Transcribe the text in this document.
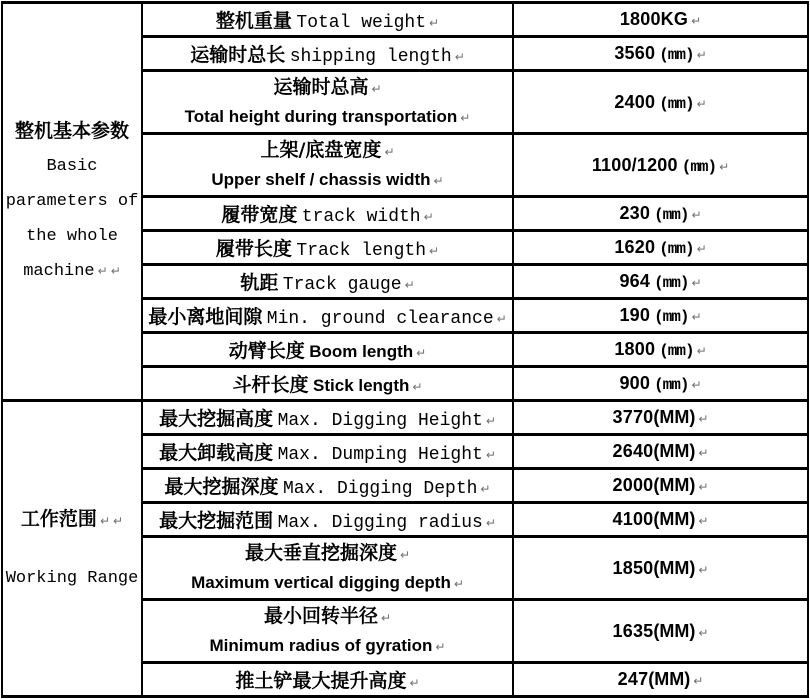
整机基本参数
Basic parameters of the whole machine ↵ ↵	整机重量 Total weight ↵	1800KG ↵
	运输时总长 shipping length ↵	3560 (mm) ↵

	运输时总高 ↵
Total height during transportation ↵	2400 (mm) ↵

	上架/底盘宽度 ↵
Upper shelf / chassis width ↵	1100/1200 (mm) ↵
	履带宽度 track width ↵	230 (mm) ↵
	履带长度 Track length ↵	1620 (mm) ↵
	轨距 Track gauge ↵	964 (mm) ↵
	最小离地间隙 Min. ground clearance ↵	190 (mm) ↵
	动臂长度 Boom length ↵	1800 (mm) ↵
	斗杆长度 Stick length ↵	900 (mm) ↵

工作范围 ↵ ↵
Working Range	最大挖掘高度 Max. Digging Height ↵	3770(MM) ↵
	最大卸载高度 Max. Dumping Height ↵	2640(MM) ↵
	最大挖掘深度 Max. Digging Depth ↵	2000(MM) ↵
	最大挖掘范围 Max. Digging radius ↵	4100(MM) ↵

	最大垂直挖掘深度 ↵
Maximum vertical digging depth ↵	1850(MM) ↵

	最小回转半径 ↵
Minimum radius of gyration ↵	1635(MM) ↵
	推土铲最大提升高度 ↵	247(MM) ↵
